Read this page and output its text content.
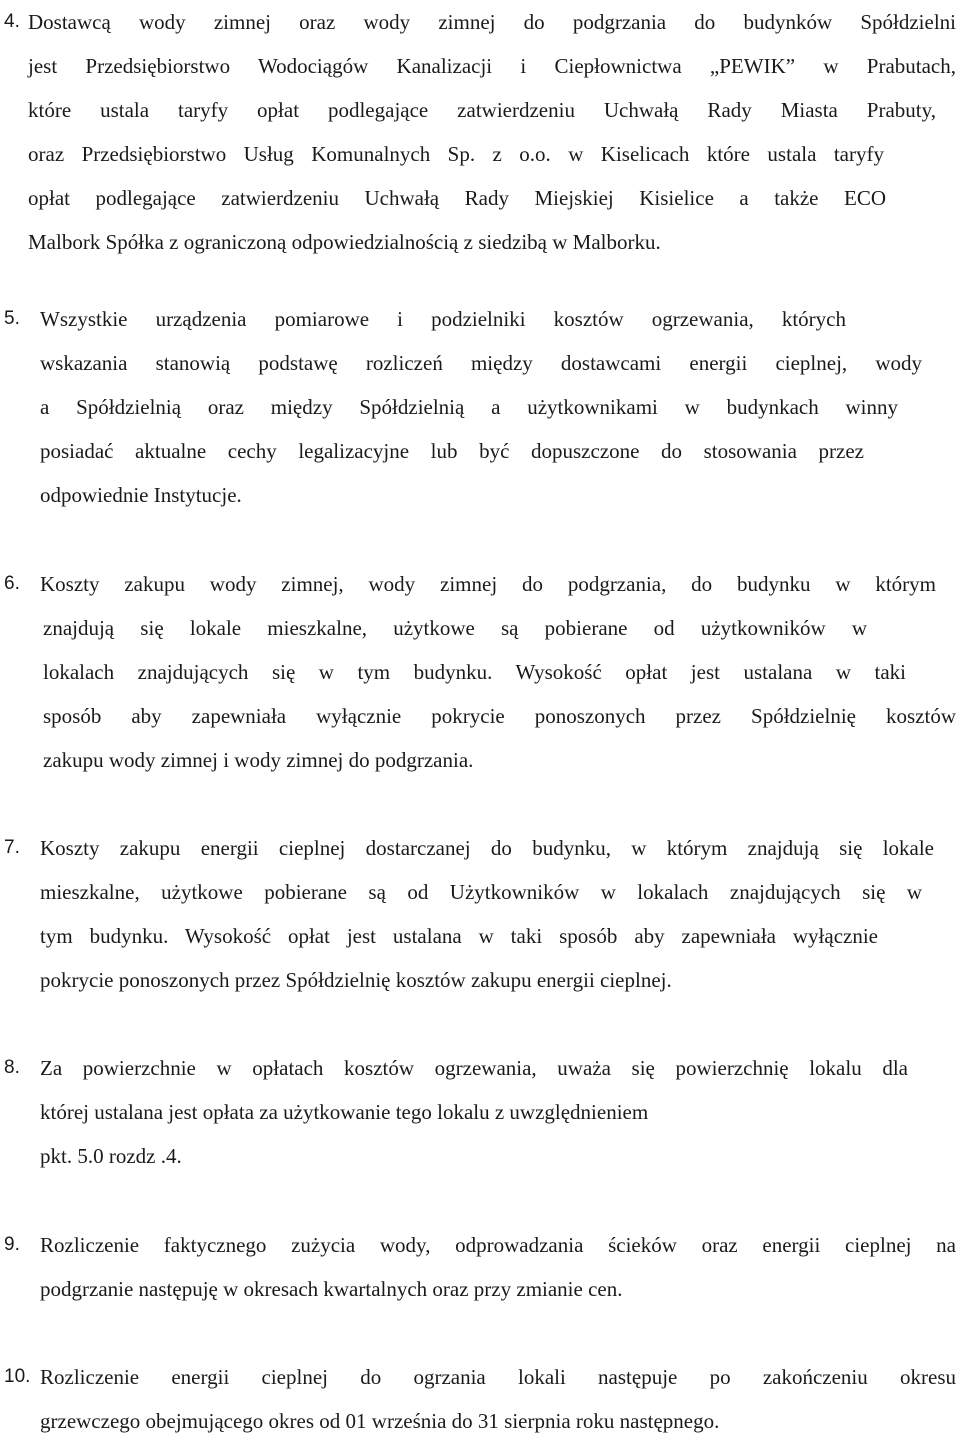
4. Dostawcą wody zimnej oraz wody zimnej do podgrzania do budynków Spółdzielni
jest Przedsiębiorstwo Wodociągów Kanalizacji i Ciepłownictwa „PEWIK” w Prabutach,
które ustala taryfy opłat podlegające zatwierdzeniu Uchwałą Rady Miasta Prabuty,
oraz Przedsiębiorstwo Usług Komunalnych Sp. z o.o. w Kiselicach które ustala taryfy
opłat podlegające zatwierdzeniu Uchwałą Rady Miejskiej Kisielice a także ECO
Malbork Spółka z ograniczoną odpowiedzialnością z siedzibą w Malborku.
5. Wszystkie urządzenia pomiarowe i podzielniki kosztów ogrzewania, których
wskazania stanowią podstawę rozliczeń między dostawcami energii cieplnej, wody
a Spółdzielnią oraz między Spółdzielnią a użytkownikami w budynkach winny
posiadać aktualne cechy legalizacyjne lub być dopuszczone do stosowania przez
odpowiednie Instytucje.
6. Koszty zakupu wody zimnej, wody zimnej do podgrzania, do budynku w którym
znajdują się lokale mieszkalne, użytkowe są pobierane od użytkowników w
lokalach znajdujących się w tym budynku. Wysokość opłat jest ustalana w taki
sposób aby zapewniała wyłącznie pokrycie ponoszonych przez Spółdzielnię kosztów
zakupu wody zimnej i wody zimnej do podgrzania.
7. Koszty zakupu energii cieplnej dostarczanej do budynku, w którym znajdują się lokale
mieszkalne, użytkowe pobierane są od Użytkowników w lokalach znajdujących się w
tym budynku. Wysokość opłat jest ustalana w taki sposób aby zapewniała wyłącznie
pokrycie ponoszonych przez Spółdzielnię kosztów zakupu energii cieplnej.
8. Za powierzchnie w opłatach kosztów ogrzewania, uważa się powierzchnię lokalu dla
której ustalana jest opłata za użytkowanie tego lokalu z uwzględnieniem
pkt. 5.0 rozdz .4.
9. Rozliczenie faktycznego zużycia wody, odprowadzania ścieków oraz energii cieplnej na
podgrzanie następuję w okresach kwartalnych oraz przy zmianie cen.
10. Rozliczenie energii cieplnej do ogrzania lokali następuje po zakończeniu okresu
grzewczego obejmującego okres od 01 września do 31 sierpnia roku następnego.
